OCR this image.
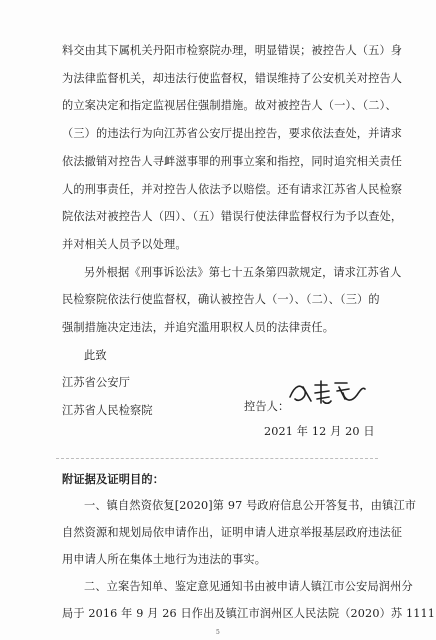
料交由其下属机关丹阳市检察院办理，明显错误；被控告人（五）身
为法律监督机关，却违法行使监督权，错误维持了公安机关对控告人
的立案决定和指定监视居住强制措施。故对被控告人（一）、（二）、
（三）的违法行为向江苏省公安厅提出控告，要求依法查处，并请求
依法撤销对控告人寻衅滋事罪的刑事立案和指控，同时追究相关责任
人的刑事责任，并对控告人依法予以赔偿。还有请求江苏省人民检察
院依法对被控告人（四）、（五）错误行使法律监督权行为予以查处，
并对相关人员予以处理。
另外根据《刑事诉讼法》第七十五条第四款规定，请求江苏省人
民检察院依法行使监督权，确认被控告人（一）、（二）、（三）的
强制措施决定违法，并追究滥用职权人员的法律责任。
此致
江苏省公安厅
江苏省人民检察院	控告人：
2021 年 12 月 20 日
附证据及证明目的：
一、镇自然资依复[2020]第 97 号政府信息公开答复书，由镇江市
自然资源和规划局依申请作出，证明申请人进京举报基层政府违法征
用申请人所在集体土地行为违法的事实。
二、立案告知单、鉴定意见通知书由被申请人镇江市公安局润州分
局于 2016 年 9 月 26 日作出及镇江市润州区人民法院（2020）苏 1111
5
